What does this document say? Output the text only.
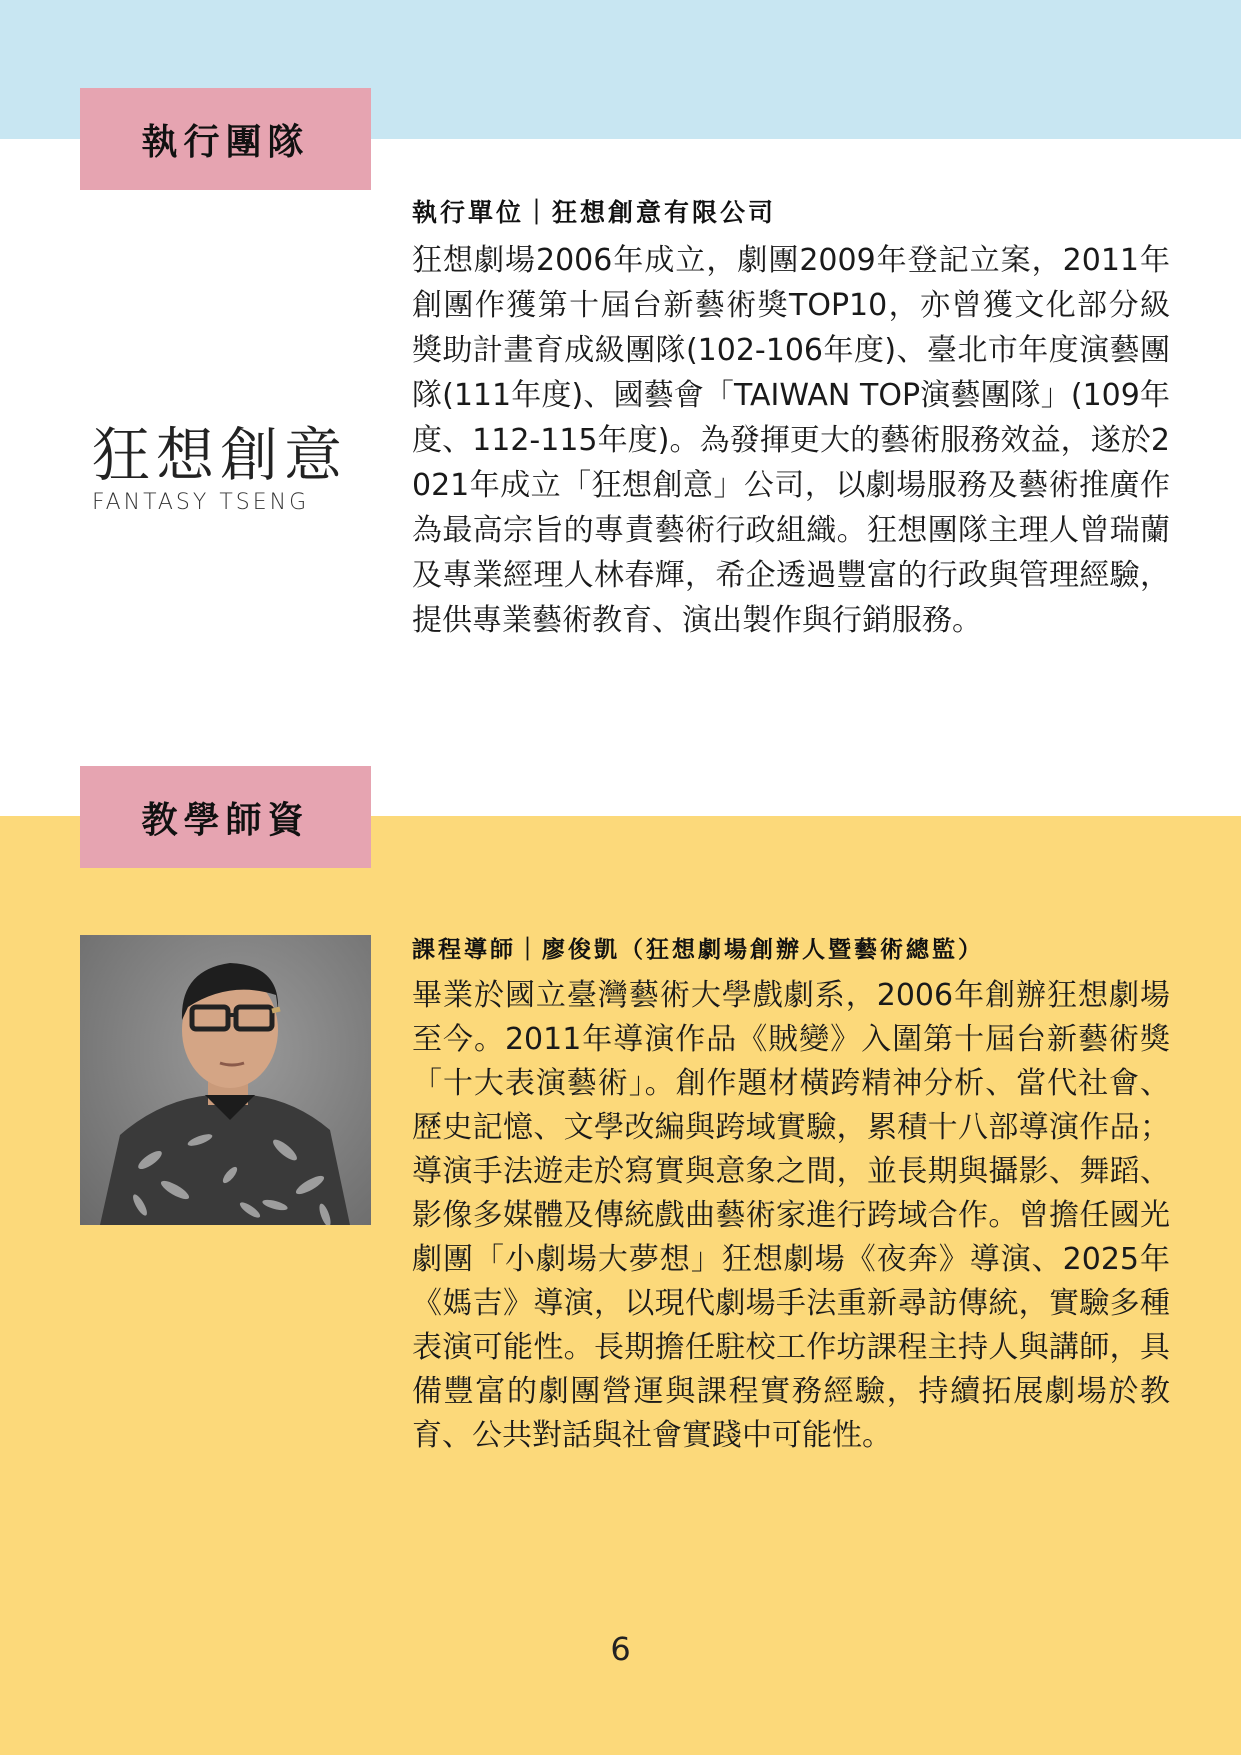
執行團隊
狂想創意
FANTASY TSENG
執行單位｜狂想創意有限公司
狂想劇場2006年成立，劇團2009年登記立案，2011年創團作獲第十屆台新藝術獎TOP10，亦曾獲文化部分級獎助計畫育成級團隊(102-106年度)、臺北市年度演藝團隊(111年度)、國藝會「TAIWAN TOP演藝團隊」(109年度、112-115年度)。為發揮更大的藝術服務效益，遂於2021年成立「狂想創意」公司，以劇場服務及藝術推廣作為最高宗旨的專責藝術行政組織。狂想團隊主理人曾瑞蘭及專業經理人林春輝，希企透過豐富的行政與管理經驗，提供專業藝術教育、演出製作與行銷服務。
教學師資
課程導師｜廖俊凱（狂想劇場創辦人暨藝術總監）
畢業於國立臺灣藝術大學戲劇系，2006年創辦狂想劇場至今。2011年導演作品《賊變》入圍第十屆台新藝術獎「十大表演藝術」。創作題材橫跨精神分析、當代社會、歷史記憶、文學改編與跨域實驗，累積十八部導演作品；導演手法遊走於寫實與意象之間，並長期與攝影、舞蹈、影像多媒體及傳統戲曲藝術家進行跨域合作。曾擔任國光劇團「小劇場大夢想」狂想劇場《夜奔》導演、2025年《媽吉》導演，以現代劇場手法重新尋訪傳統，實驗多種表演可能性。長期擔任駐校工作坊課程主持人與講師，具備豐富的劇團營運與課程實務經驗，持續拓展劇場於教育、公共對話與社會實踐中可能性。
6
